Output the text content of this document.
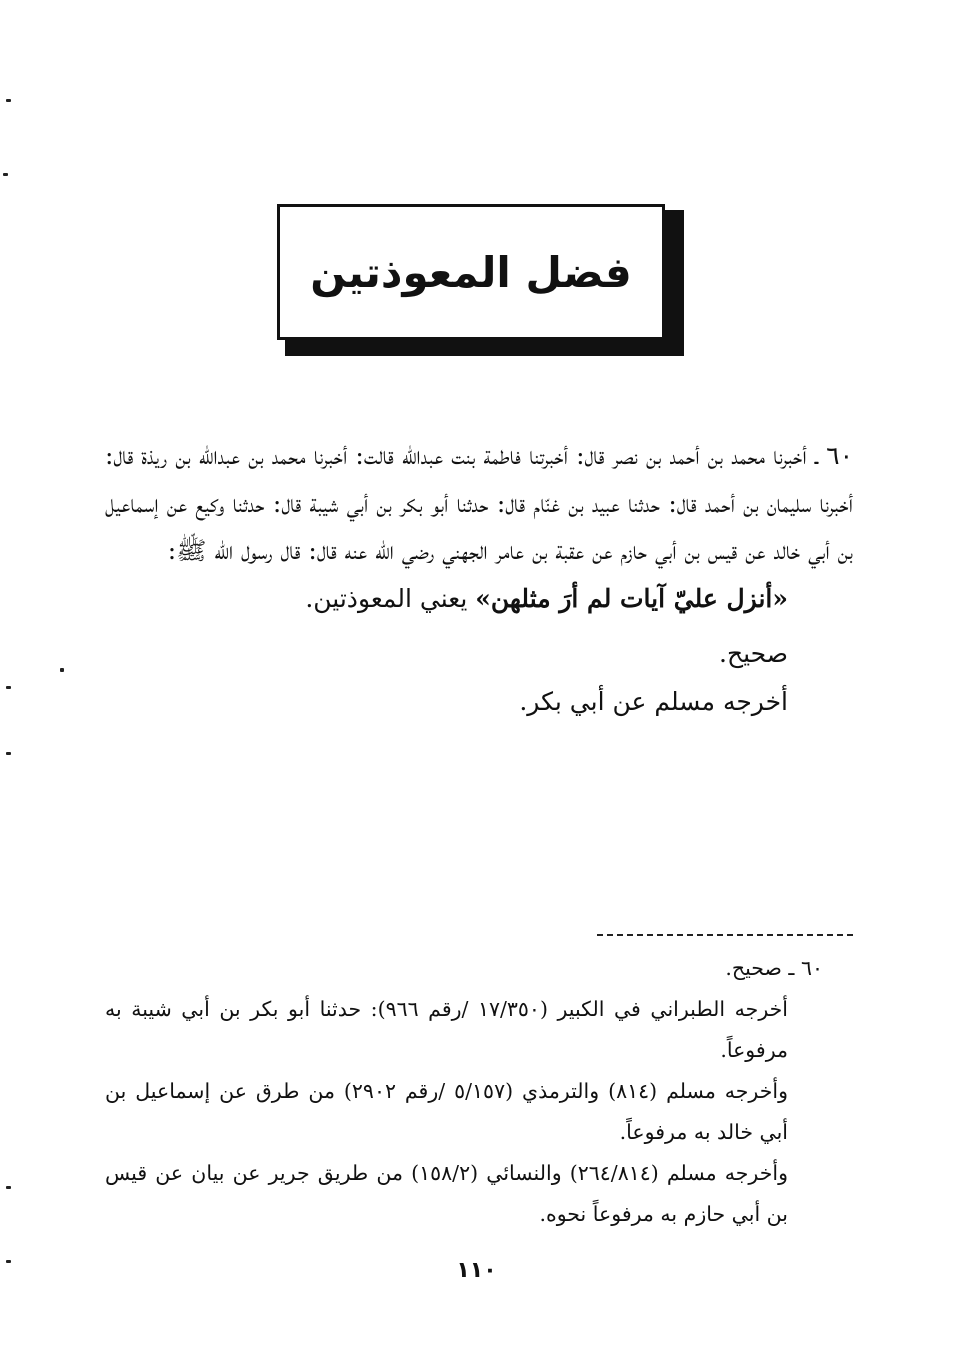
فضل المعوذتين

٦٠ ـ أخبرنا محمد بن أحمد بن نصر قال: أخبرتنا فاطمة بنت عبدالله قالت: أخبرنا محمد بن عبدالله بن ريذة قال: أخبرنا سليمان بن أحمد قال: حدثنا عبيد بن غنّام قال: حدثنا أبو بكر بن أبي شيبة قال: حدثنا وكيع عن إسماعيل بن أبي خالد عن قيس بن أبي حازم عن عقبة بن عامر الجهني رضي الله عنه قال: قال رسول الله ﷺ:

«أنزل عليّ آيات لم أرَ مثلهن» يعني المعوذتين.

صحيح.

أخرجه مسلم عن أبي بكر.

٦٠ ـ صحيح.

أخرجه الطبراني في الكبير (١٧/٣٥٠ /رقم ٩٦٦): حدثنا أبو بكر بن أبي شيبة به مرفوعاً.

وأخرجه مسلم (٨١٤) والترمذي (٥/١٥٧ /رقم ٢٩٠٢) من طرق عن إسماعيل بن أبي خالد به مرفوعاً.

وأخرجه مسلم (٢٦٤/٨١٤) والنسائي (١٥٨/٢) من طريق جرير عن بيان عن قيس بن أبي حازم به مرفوعاً نحوه.

١١٠
